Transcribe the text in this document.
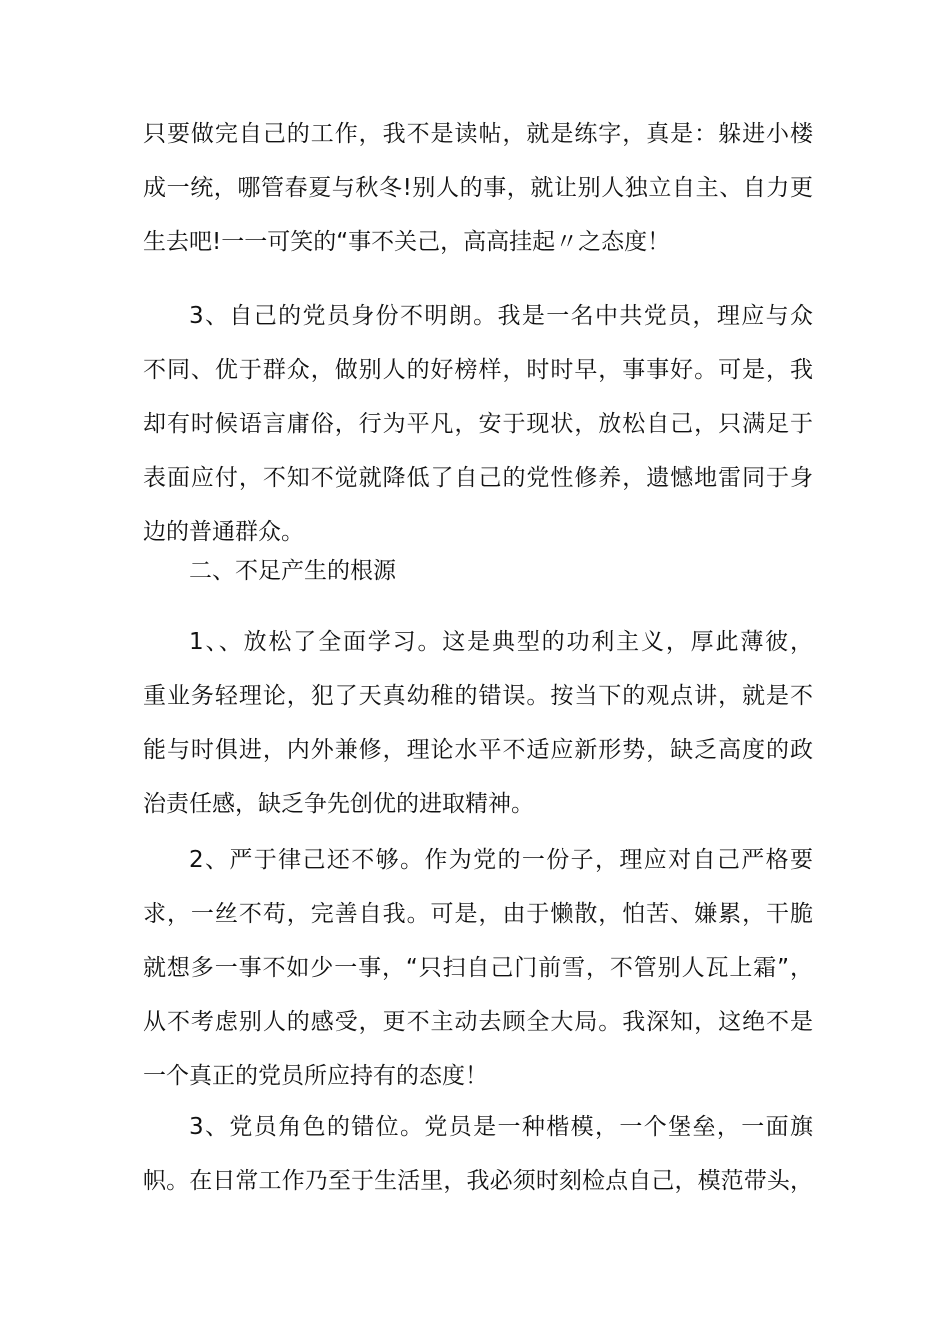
只要做完自己的工作，我不是读帖，就是练字，真是：躲进小楼
成一统，哪管春夏与秋冬!别人的事，就让别人独立自主、自力更
生去吧!一一可笑的“事不关己，高高挂起〃之态度！
3、自己的党员身份不明朗。我是一名中共党员，理应与众
不同、优于群众，做别人的好榜样，时时早，事事好。可是，我
却有时候语言庸俗，行为平凡，安于现状，放松自己，只满足于
表面应付，不知不觉就降低了自己的党性修养，遗憾地雷同于身
边的普通群众。
二、不足产生的根源
1、、放松了全面学习。这是典型的功利主义，厚此薄彼，
重业务轻理论，犯了天真幼稚的错误。按当下的观点讲，就是不
能与时俱进，内外兼修，理论水平不适应新形势，缺乏高度的政
治责任感，缺乏争先创优的进取精神。
2、严于律己还不够。作为党的一份子，理应对自己严格要
求，一丝不苟，完善自我。可是，由于懒散，怕苦、嫌累，干脆
就想多一事不如少一事，“只扫自己门前雪，不管别人瓦上霜”，
从不考虑别人的感受，更不主动去顾全大局。我深知，这绝不是
一个真正的党员所应持有的态度！
3、党员角色的错位。党员是一种楷模，一个堡垒，一面旗
帜。在日常工作乃至于生活里，我必须时刻检点自己，模范带头，
